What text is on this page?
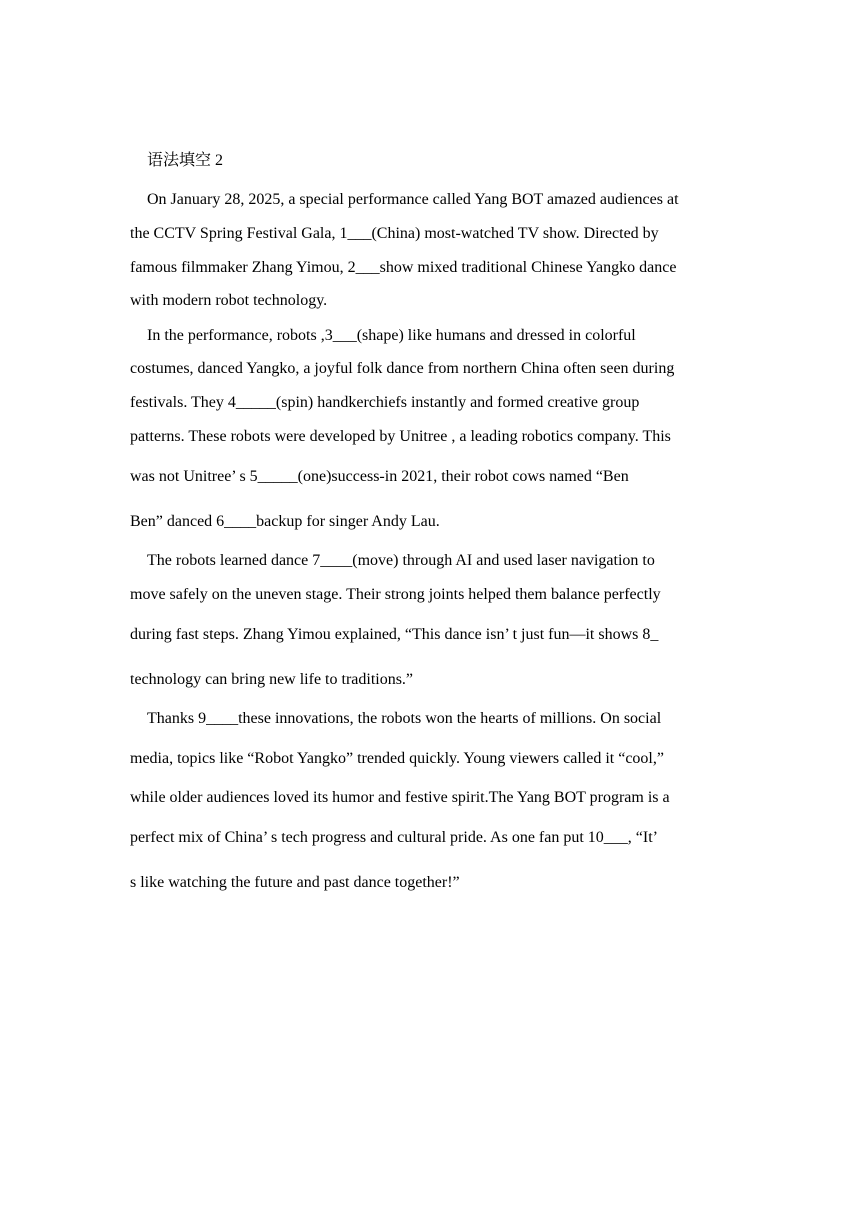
语法填空 2
On January 28, 2025, a special performance called Yang BOT amazed audiences at
the CCTV Spring Festival Gala, 1___(China) most-watched TV show. Directed by
famous filmmaker Zhang Yimou, 2___show mixed traditional Chinese Yangko dance
with modern robot technology.
In the performance, robots ,3___(shape) like humans and dressed in colorful
costumes, danced Yangko, a joyful folk dance from northern China often seen during
festivals. They 4_____(spin) handkerchiefs instantly and formed creative group
patterns. These robots were developed by Unitree , a leading robotics company. This
was not Unitree’ s 5_____(one)success-in 2021, their robot cows named “Ben
Ben” danced 6____backup for singer Andy Lau.
The robots learned dance 7____(move) through AI and used laser navigation to
move safely on the uneven stage. Their strong joints helped them balance perfectly
during fast steps. Zhang Yimou explained, “This dance isn’ t just fun—it shows 8_
technology can bring new life to traditions.”
Thanks 9____these innovations, the robots won the hearts of millions. On social
media, topics like “Robot Yangko” trended quickly. Young viewers called it “cool,”
while older audiences loved its humor and festive spirit.The Yang BOT program is a
perfect mix of China’ s tech progress and cultural pride. As one fan put 10___, “It’
s like watching the future and past dance together!”
